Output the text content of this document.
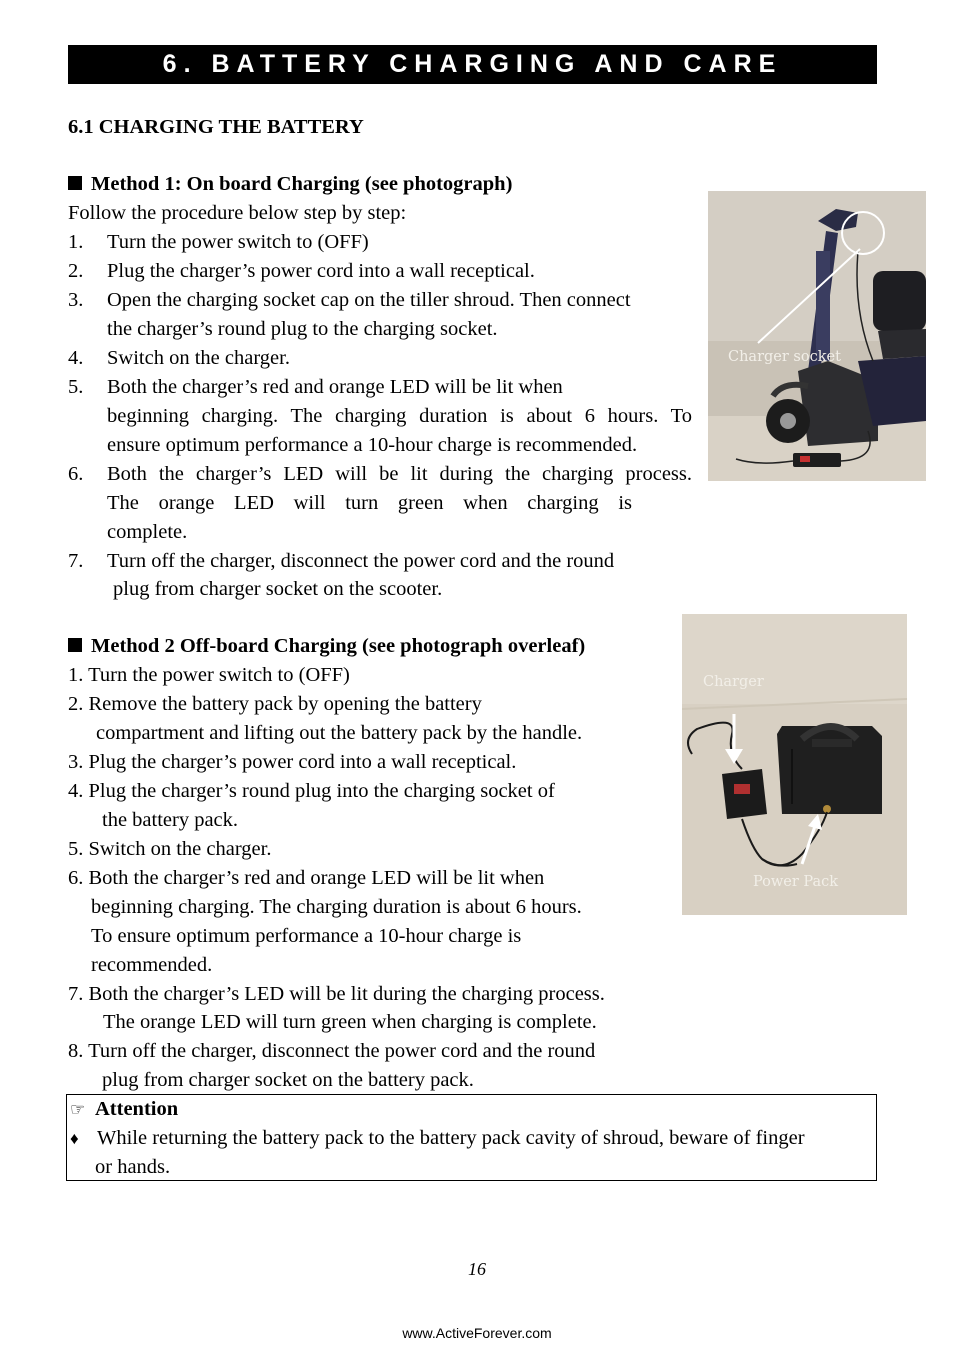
6. BATTERY CHARGING AND CARE
6.1 CHARGING THE BATTERY
Method 1: On board Charging (see photograph)
Follow the procedure below step by step:
1. Turn the power switch to (OFF)
2. Plug the charger’s power cord into a wall receptical.
3. Open the charging socket cap on the tiller shroud. Then connect
the charger’s round plug to the charging socket.
4. Switch on the charger.
5. Both the charger’s red and orange LED will be lit when
beginning charging. The charging duration is about 6 hours. To
ensure optimum performance a 10-hour charge is recommended.
6. Both the charger’s LED will be lit during the charging process.
The orange LED will turn green when charging is
complete.
7. Turn off the charger, disconnect the power cord and the round
plug from charger socket on the scooter.
Charger socket
Method 2 Off-board Charging (see photograph overleaf)
1. Turn the power switch to (OFF)
2. Remove the battery pack by opening the battery
compartment and lifting out the battery pack by the handle.
3. Plug the charger’s power cord into a wall receptical.
4. Plug the charger’s round plug into the charging socket of
the battery pack.
5. Switch on the charger.
6. Both the charger’s red and orange LED will be lit when
beginning charging. The charging duration is about 6 hours.
To ensure optimum performance a 10-hour charge is
recommended.
7. Both the charger’s LED will be lit during the charging process.
The orange LED will turn green when charging is complete.
8. Turn off the charger, disconnect the power cord and the round
plug from charger socket on the battery pack.
Charger
Power Pack
☞ Attention
♦ While returning the battery pack to the battery pack cavity of shroud, beware of finger
or hands.
16
www.ActiveForever.com
